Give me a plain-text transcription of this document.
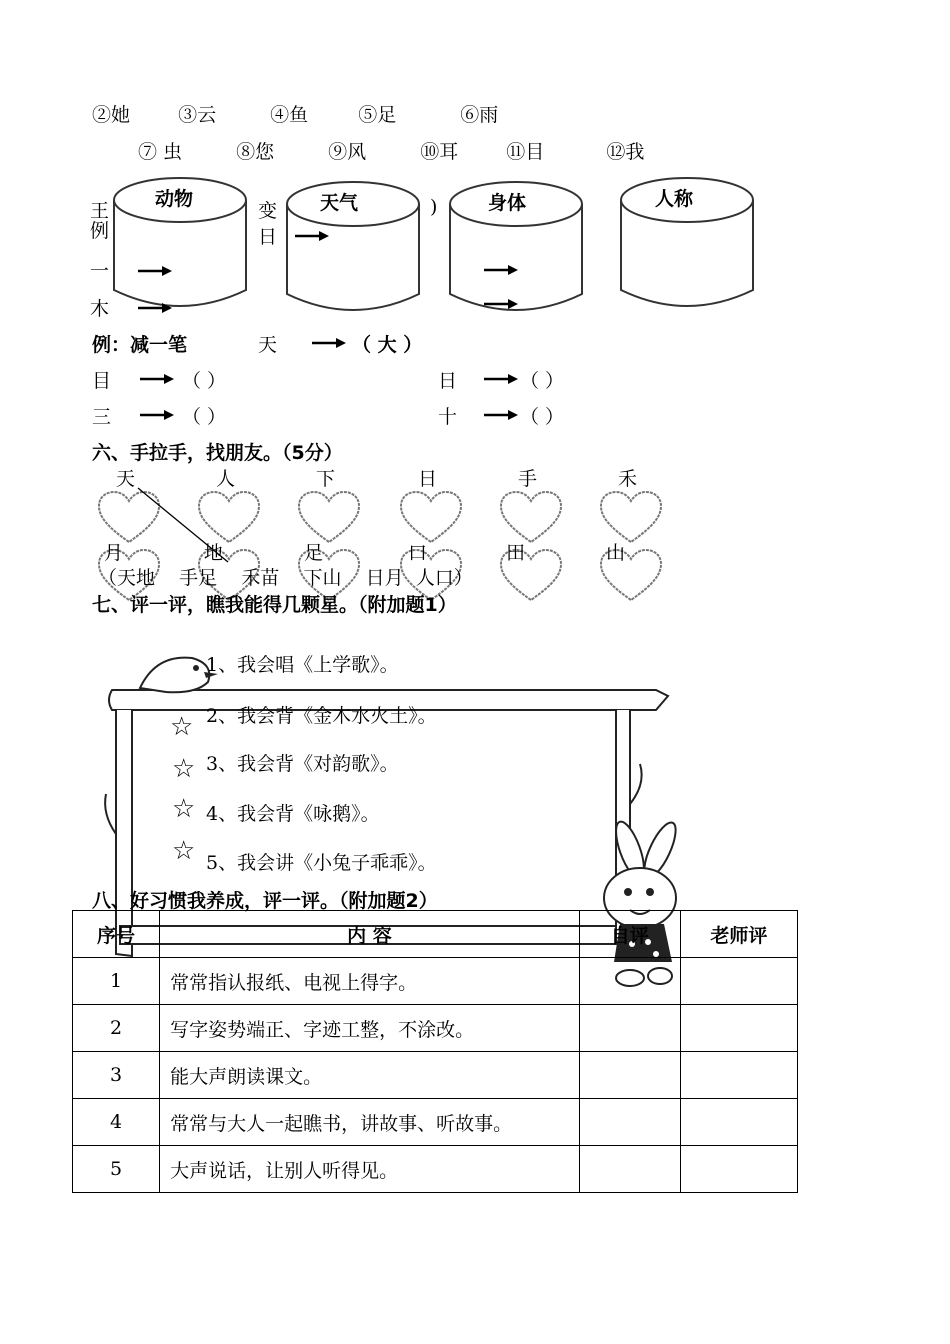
②她	③云	④鱼	⑤足	⑥雨
⑦ 虫	⑧您	⑨风	⑩耳	⑪目	⑫我
王
例
一
木
变
日
)
动物	天气	身体	人称
例：减一笔	天	（ 大 ）
目	（ ）	日	（ ）
三	（ ）	十	（ ）
六、手拉手，找朋友。（5分）
天	人	下	日	手	禾
月	地	足	口	田	山
（天地    手足    禾苗    下山    日月  人口）
七、评一评，瞧我能得几颗星。（附加题1）
1、我会唱《上学歌》。
2、我会背《金木水火土》。
3、我会背《对韵歌》。
4、我会背《咏鹅》。
5、我会讲《小兔子乖乖》。
☆
☆
☆
☆
八、好习惯我养成，评一评。（附加题2）
序号	内 容	自评	老师评
1	常常指认报纸、电视上得字。		
2	写字姿势端正、字迹工整，不涂改。		
3	能大声朗读课文。		
4	常常与大人一起瞧书，讲故事、听故事。		
5	大声说话，让别人听得见。		
